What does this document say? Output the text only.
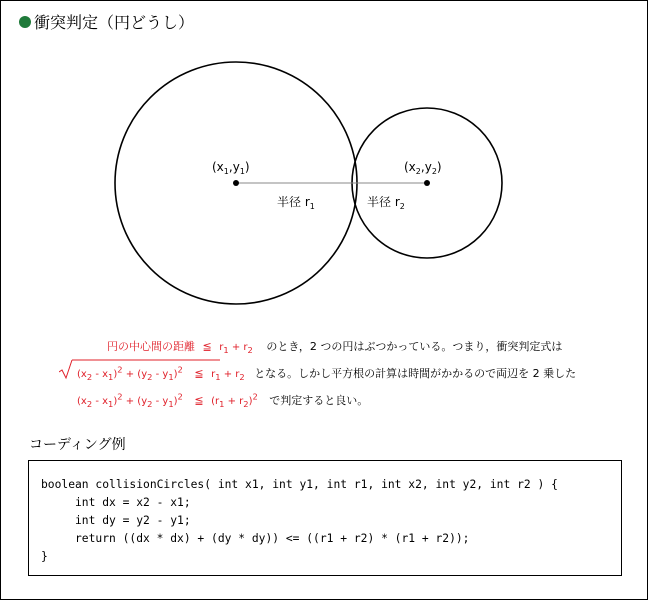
衝突判定（円どうし）
$(x_1,y_1)$	$(x_2,y_2)$
半径 $r_1$	半径 $r_2$
円の中心間の距離 ≦ $r_1 + r_2$ のとき，2 つの円はぶつかっている。つまり，衝突判定式は
$(x_2 - x_1)^2 + (y_2 - y_1)^2$ ≦ $r_1 + r_2$ となる。しかし平方根の計算は時間がかかるので両辺を 2 乗した
$(x_2 - x_1)^2 + (y_2 - y_1)^2$ ≦ $(r_1 + r_2)^2$ で判定すると良い。
コーディング例
boolean collisionCircles( int x1, int y1, int r1, int x2, int y2, int r2 ) {
int dx = x2 - x1;
int dy = y2 - y1;
return ((dx * dx) + (dy * dy)) <= ((r1 + r2) * (r1 + r2));
}
